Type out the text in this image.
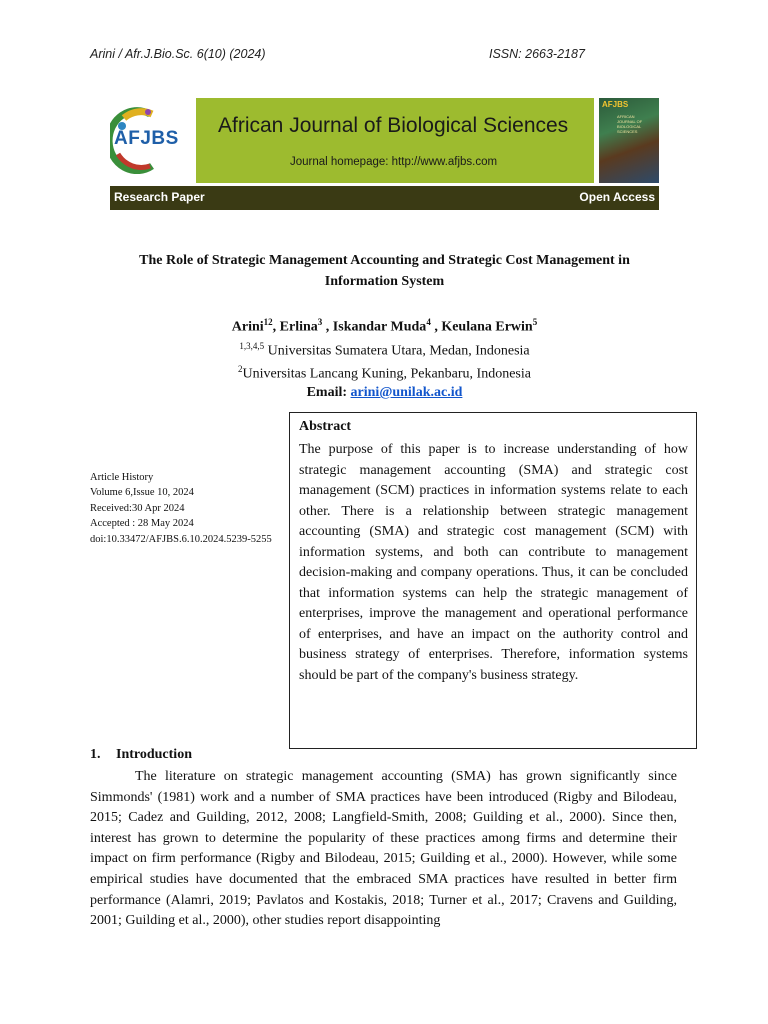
Arini / Afr.J.Bio.Sc. 6(10) (2024)	ISSN: 2663-2187
AFJBS
African Journal of Biological Sciences
Journal homepage: http://www.afjbs.com
AFJBS
AFRICAN
JOURNAL OF
BIOLOGICAL
SCIENCES
Research Paper	Open Access
The Role of Strategic Management Accounting and Strategic Cost Management in
Information System
Arini$^{12}$, Erlina$^3$ , Iskandar Muda$^4$ , Keulana Erwin$^5$
$^{1,3,4,5}$ Universitas Sumatera Utara, Medan, Indonesia
$^2$Universitas Lancang Kuning, Pekanbaru, Indonesia
Email: arini@unilak.ac.id
Article History
Volume 6,Issue 10, 2024
Received:30 Apr 2024
Accepted : 28 May 2024
doi:10.33472/AFJBS.6.10.2024.5239-5255
Abstract
The purpose of this paper is to increase understanding of how strategic management accounting (SMA) and strategic cost management (SCM) practices in information systems relate to each other. There is a relationship between strategic management accounting (SMA) and strategic cost management (SCM) with information systems, and both can contribute to management decision-making and company operations. Thus, it can be concluded that information systems can help the strategic management of enterprises, improve the management and operational performance of enterprises, and have an impact on the authority control and business strategy of enterprises. Therefore, information systems should be part of the company's business strategy.
1. Introduction
The literature on strategic management accounting (SMA) has grown significantly since Simmonds' (1981) work and a number of SMA practices have been introduced (Rigby and Bilodeau, 2015; Cadez and Guilding, 2012, 2008; Langfield-Smith, 2008; Guilding et al., 2000). Since then, interest has grown to determine the popularity of these practices among firms and determine their impact on firm performance (Rigby and Bilodeau, 2015; Guilding et al., 2000). However, while some empirical studies have documented that the embraced SMA practices have resulted in better firm performance (Alamri, 2019; Pavlatos and Kostakis, 2018; Turner et al., 2017; Cravens and Guilding, 2001; Guilding et al., 2000), other studies report disappointing
